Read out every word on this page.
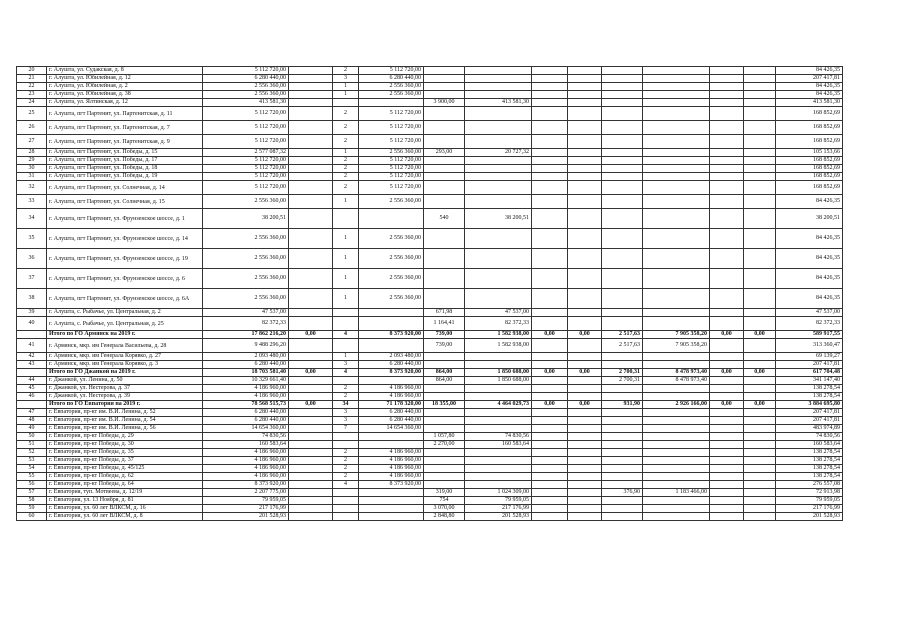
20	г. Алушта, ул. Судакская, д. 8	5 112 720,00		2	5 112 720,00									84 426,35
21	г. Алушта, ул. Юбилейная, д. 12	6 280 440,00		3	6 280 440,00									207 417,81
22	г. Алушта, ул. Юбилейная, д. 2	2 556 360,00		1	2 556 360,00									84 426,35
23	г. Алушта, ул. Юбилейная, д. 38	2 556 360,00		1	2 556 360,00									84 426,35
24	г. Алушта, ул. Ялтинская, д. 12	413 581,30				3 900,00	413 581,30							413 581,30
25	г. Алушта, пгт Партенит, ул. Партенитская, д. 11	5 112 720,00		2	5 112 720,00									168 852,69
26	г. Алушта, пгт Партенит, ул. Партенитская, д. 7	5 112 720,00		2	5 112 720,00									168 852,69
27	г. Алушта, пгт Партенит, ул. Партенитская, д. 9	5 112 720,00		2	5 112 720,00									168 852,69
28	г. Алушта, пгт Партенит, ул. Победы, д. 15	2 577 087,32		1	2 556 360,00	293,00	20 727,32							105 153,66
29	г. Алушта, пгт Партенит, ул. Победы, д. 17	5 112 720,00		2	5 112 720,00									168 852,69
30	г. Алушта, пгт Партенит, ул. Победы, д. 18	5 112 720,00		2	5 112 720,00									168 852,69
31	г. Алушта, пгт Партенит, ул. Победы, д. 19	5 112 720,00		2	5 112 720,00									168 852,69
32	г. Алушта, пгт Партенит, ул. Солнечная, д. 14	5 112 720,00		2	5 112 720,00									168 852,69
33	г. Алушта, пгт Партенит, ул. Солнечная, д. 15	2 556 360,00		1	2 556 360,00									84 426,35
34	г. Алушта, пгт Партенит, ул. Фрунзенское шоссе, д. 1	38 200,51				540	38 200,51							38 200,51
35	г. Алушта, пгт Партенит, ул. Фрунзенское шоссе, д. 14	2 556 360,00		1	2 556 360,00									84 426,35
36	г. Алушта, пгт Партенит, ул. Фрунзенское шоссе, д. 19	2 556 360,00		1	2 556 360,00									84 426,35
37	г. Алушта, пгт Партенит, ул. Фрунзенское шоссе, д. 6	2 556 360,00		1	2 556 360,00									84 426,35
38	г. Алушта, пгт Партенит, ул. Фрунзенское шоссе, д. 6А	2 556 360,00		1	2 556 360,00									84 426,35
39	г. Алушта, с. Рыбачье, ул. Центральная, д. 2	47 537,00				671,98	47 537,00							47 537,00
40	г. Алушта, с. Рыбачье, ул. Центральная, д. 25	82 372,33				1 164,41	82 372,33							82 372,33
	Итого по ГО Армянск на 2019 г.	17 862 216,20	0,00	4	8 373 920,00	739,00	1 582 938,00	0,00	0,00	2 517,63	7 905 358,20	0,00	0,00	589 917,55
41	г. Армянск, мкр. им Генерала Васильева, д. 28	9 488 296,20				739,00	1 582 938,00			2 517,63	7 905 358,20			313 360,47
42	г. Армянск, мкр. им Генерала Корявко, д. 27	2 093 480,00		1	2 093 480,00									69 139,27
43	г. Армянск, мкр. им Генерала Корявко, д. 3	6 280 440,00		3	6 280 440,00									207 417,81
	Итого по ГО Джанкой на 2019 г.	18 703 581,40	0,00	4	8 373 920,00	864,00	1 850 688,00	0,00	0,00	2 700,31	8 478 973,40	0,00	0,00	617 704,48
44	г. Джанкой, ул. Ленина, д. 50	10 329 661,40				864,00	1 850 688,00			2 700,31	8 478 973,40			341 147,40
45	г. Джанкой, ул. Нестерова, д. 37	4 186 960,00		2	4 186 960,00									138 278,54
46	г. Джанкой, ул. Нестерова, д. 39	4 186 960,00		2	4 186 960,00									138 278,54
	Итого по ГО Евпатория на 2019 г.	78 568 515,73	0,00	34	71 178 320,00	18 355,00	4 464 029,73	0,00	0,00	931,90	2 926 166,00	0,00	0,00	3 884 695,80
47	г. Евпатория, пр-кт им. В.И. Ленина, д. 52	6 280 440,00		3	6 280 440,00									207 417,81
48	г. Евпатория, пр-кт им. В.И. Ленина, д. 54	6 280 440,00		3	6 280 440,00									207 417,81
49	г. Евпатория, пр-кт им. В.И. Ленина, д. 56	14 654 360,00		7	14 654 360,00									483 974,89
50	г. Евпатория, пр-кт Победы, д. 29	74 830,56				1 057,80	74 830,56							74 830,56
51	г. Евпатория, пр-кт Победы, д. 30	160 583,64				2 270,00	160 583,64							160 583,64
52	г. Евпатория, пр-кт Победы, д. 35	4 186 960,00		2	4 186 960,00									138 278,54
53	г. Евпатория, пр-кт Победы, д. 37	4 186 960,00		2	4 186 960,00									138 278,54
54	г. Евпатория, пр-кт Победы, д. 45/125	4 186 960,00		2	4 186 960,00									138 278,54
55	г. Евпатория, пр-кт Победы, д. 62	4 186 960,00		2	4 186 960,00									138 278,54
56	г. Евпатория, пр-кт Победы, д. 64	8 373 920,00		4	8 373 920,00									276 557,08
57	г. Евпатория, туп. Мотвеева, д. 12/19	2 207 775,00				319,00	1 024 309,00			376,90	1 183 466,00			72 913,98
58	г. Евпатория, ул. 13 Ноября, д. 81	79 959,05				754	79 959,05							79 959,05
59	г. Евпатория, ул. 60 лет ВЛКСМ, д. 16	217 176,99				3 070,00	217 176,99							217 176,99
60	г. Евпатория, ул. 60 лет ВЛКСМ, д. 8	201 528,93				2 848,80	201 528,93							201 528,93
